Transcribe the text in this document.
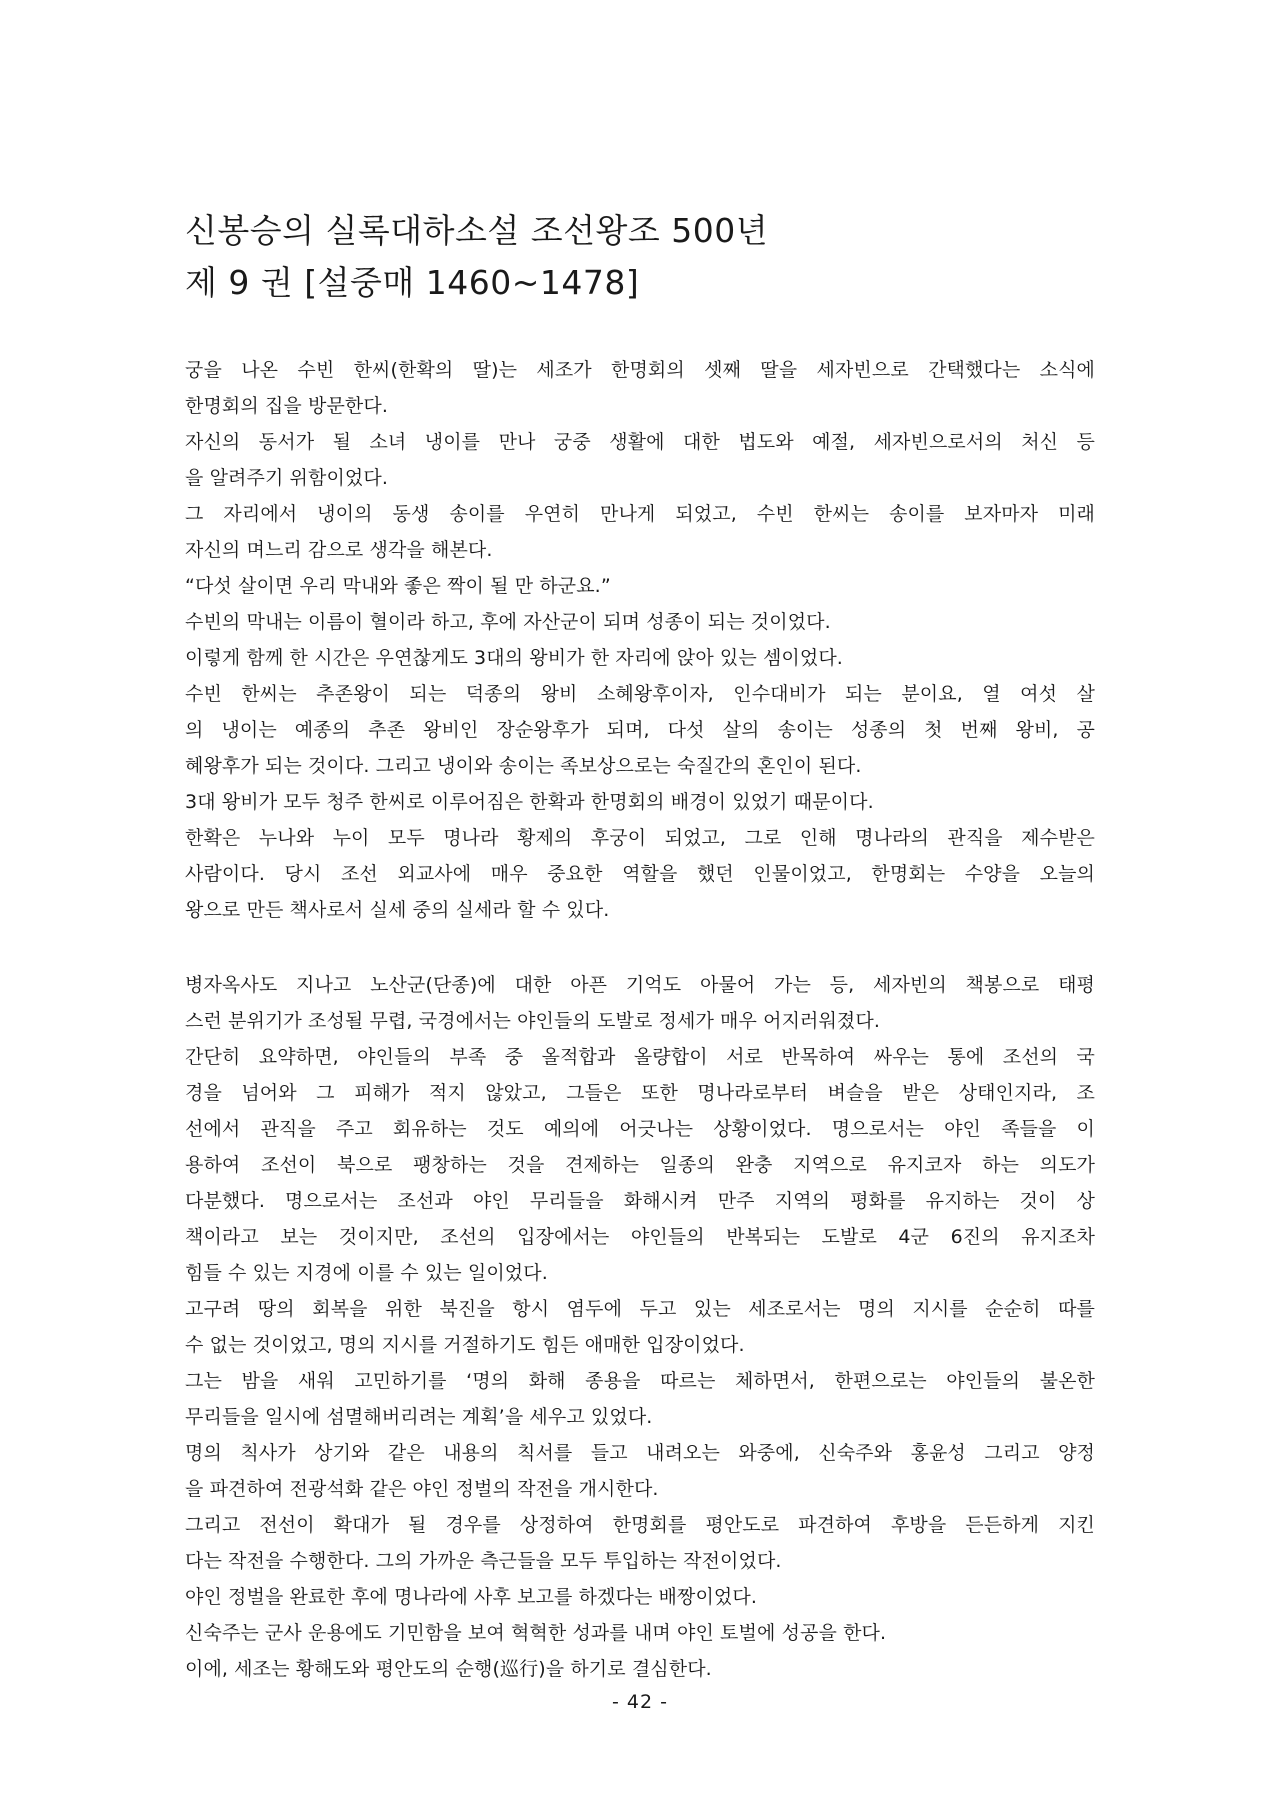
신봉승의 실록대하소설 조선왕조 500년
제 9 권 [설중매 1460~1478]

궁을 나온 수빈 한씨(한확의 딸)는 세조가 한명회의 셋째 딸을 세자빈으로 간택했다는 소식에
한명회의 집을 방문한다.

자신의 동서가 될 소녀 냉이를 만나 궁중 생활에 대한 법도와 예절, 세자빈으로서의 처신 등
을 알려주기 위함이었다.

그 자리에서 냉이의 동생 송이를 우연히 만나게 되었고, 수빈 한씨는 송이를 보자마자 미래
자신의 며느리 감으로 생각을 해본다.

“다섯 살이면 우리 막내와 좋은 짝이 될 만 하군요.”

수빈의 막내는 이름이 혈이라 하고, 후에 자산군이 되며 성종이 되는 것이었다.

이렇게 함께 한 시간은 우연찮게도 3대의 왕비가 한 자리에 앉아 있는 셈이었다.

수빈 한씨는 추존왕이 되는 덕종의 왕비 소혜왕후이자, 인수대비가 되는 분이요, 열 여섯 살
의 냉이는 예종의 추존 왕비인 장순왕후가 되며, 다섯 살의 송이는 성종의 첫 번째 왕비, 공
혜왕후가 되는 것이다. 그리고 냉이와 송이는 족보상으로는 숙질간의 혼인이 된다.

3대 왕비가 모두 청주 한씨로 이루어짐은 한확과 한명회의 배경이 있었기 때문이다.

한확은 누나와 누이 모두 명나라 황제의 후궁이 되었고, 그로 인해 명나라의 관직을 제수받은
사람이다. 당시 조선 외교사에 매우 중요한 역할을 했던 인물이었고, 한명회는 수양을 오늘의
왕으로 만든 책사로서 실세 중의 실세라 할 수 있다.

병자옥사도 지나고 노산군(단종)에 대한 아픈 기억도 아물어 가는 등, 세자빈의 책봉으로 태평
스런 분위기가 조성될 무렵, 국경에서는 야인들의 도발로 정세가 매우 어지러워졌다.

간단히 요약하면, 야인들의 부족 중 올적합과 올량합이 서로 반목하여 싸우는 통에 조선의 국
경을 넘어와 그 피해가 적지 않았고, 그들은 또한 명나라로부터 벼슬을 받은 상태인지라, 조
선에서 관직을 주고 회유하는 것도 예의에 어긋나는 상황이었다. 명으로서는 야인 족들을 이
용하여 조선이 북으로 팽창하는 것을 견제하는 일종의 완충 지역으로 유지코자 하는 의도가
다분했다. 명으로서는 조선과 야인 무리들을 화해시켜 만주 지역의 평화를 유지하는 것이 상
책이라고 보는 것이지만, 조선의 입장에서는 야인들의 반복되는 도발로 4군 6진의 유지조차
힘들 수 있는 지경에 이를 수 있는 일이었다.

고구려 땅의 회복을 위한 북진을 항시 염두에 두고 있는 세조로서는 명의 지시를 순순히 따를
수 없는 것이었고, 명의 지시를 거절하기도 힘든 애매한 입장이었다.

그는 밤을 새워 고민하기를 ‘명의 화해 종용을 따르는 체하면서, 한편으로는 야인들의 불온한
무리들을 일시에 섬멸해버리려는 계획’을 세우고 있었다.

명의 칙사가 상기와 같은 내용의 칙서를 들고 내려오는 와중에, 신숙주와 홍윤성 그리고 양정
을 파견하여 전광석화 같은 야인 정벌의 작전을 개시한다.

그리고 전선이 확대가 될 경우를 상정하여 한명회를 평안도로 파견하여 후방을 든든하게 지킨
다는 작전을 수행한다. 그의 가까운 측근들을 모두 투입하는 작전이었다.

야인 정벌을 완료한 후에 명나라에 사후 보고를 하겠다는 배짱이었다.

신숙주는 군사 운용에도 기민함을 보여 혁혁한 성과를 내며 야인 토벌에 성공을 한다.

이에, 세조는 황해도와 평안도의 순행(巡行)을 하기로 결심한다.

- 42 -
